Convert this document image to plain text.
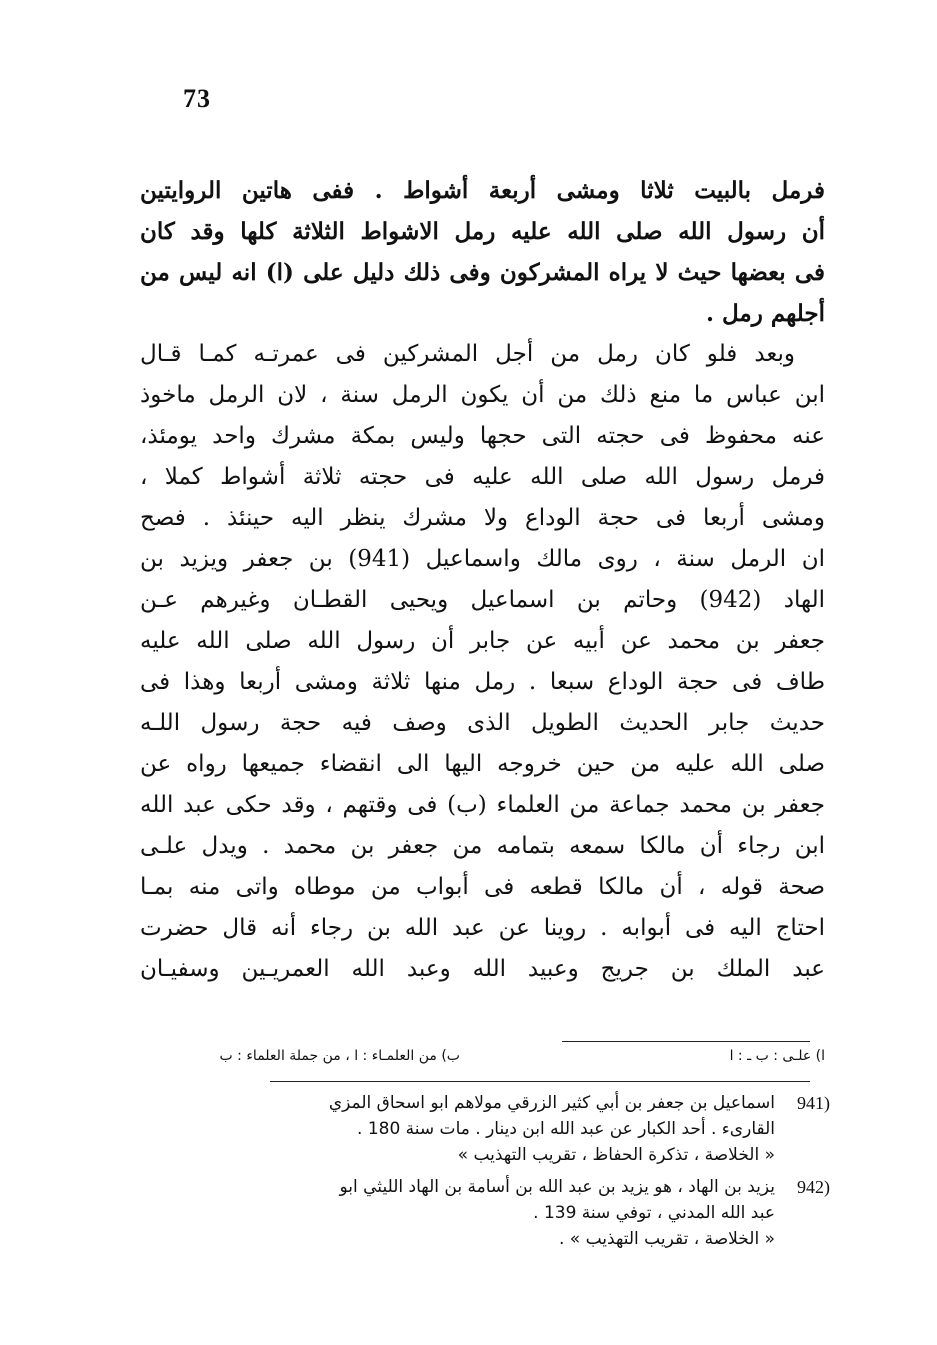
73
فرمل بالبيت ثلاثا ومشى أربعة أشواط . ففى هاتين الروايتين
أن رسول الله صلى الله عليه رمل الاشواط الثلاثة كلها وقد كان
فى بعضها حيث لا يراه المشركون وفى ذلك دليل على (ا) انه ليس من
أجلهم رمل .
وبعد فلو كان رمل من أجل المشركين فى عمرتـه كمـا قـال
ابن عباس ما منع ذلك من أن يكون الرمل سنة ، لان الرمل ماخوذ
عنه محفوظ فى حجته التى حجها وليس بمكة مشرك واحد يومئذ،
فرمل رسول الله صلى الله عليه فى حجته ثلاثة أشواط كملا ،
ومشى أربعا فى حجة الوداع ولا مشرك ينظر اليه حينئذ . فصح
ان الرمل سنة ، روى مالك واسماعيل (941) بن جعفر ويزيد بن
الهاد (942) وحاتم بن اسماعيل ويحيى القطـان وغيرهم عـن
جعفر بن محمد عن أبيه عن جابر أن رسول الله صلى الله عليه
طاف فى حجة الوداع سبعا . رمل منها ثلاثة ومشى أربعا وهذا فى
حديث جابر الحديث الطويل الذى وصف فيه حجة رسول اللـه
صلى الله عليه من حين خروجه اليها الى انقضاء جميعها رواه عن
جعفر بن محمد جماعة من العلماء (ب) فى وقتهم ، وقد حكى عبد الله
ابن رجاء أن مالكا سمعه بتمامه من جعفر بن محمد . ويدل علـى
صحة قوله ، أن مالكا قطعه فى أبواب من موطاه واتى منه بمـا
احتاج اليه فى أبوابه . روينا عن عبد الله بن رجاء أنه قال حضرت
عبد الملك بن جريج وعبيد الله وعبد الله العمريـين وسفيـان
ا) علـى : ب ـ : ا
ب) من العلمـاء : ا ، من جملة العلماء : ب
941)
اسماعيل بن جعفر بن أبي كثير الزرقي مولاهم ابو اسحاق المزي
القارىء . أحد الكبار عن عبد الله ابن دينار . مات سنة 180 .
« الخلاصة ، تذكرة الحفاظ ، تقريب التهذيب »
942)
يزيد بن الهاد ، هو يزيد بن عبد الله بن أسامة بن الهاد الليثي ابو
عبد الله المدني ، توفي سنة 139 .
« الخلاصة ، تقريب التهذيب » .
